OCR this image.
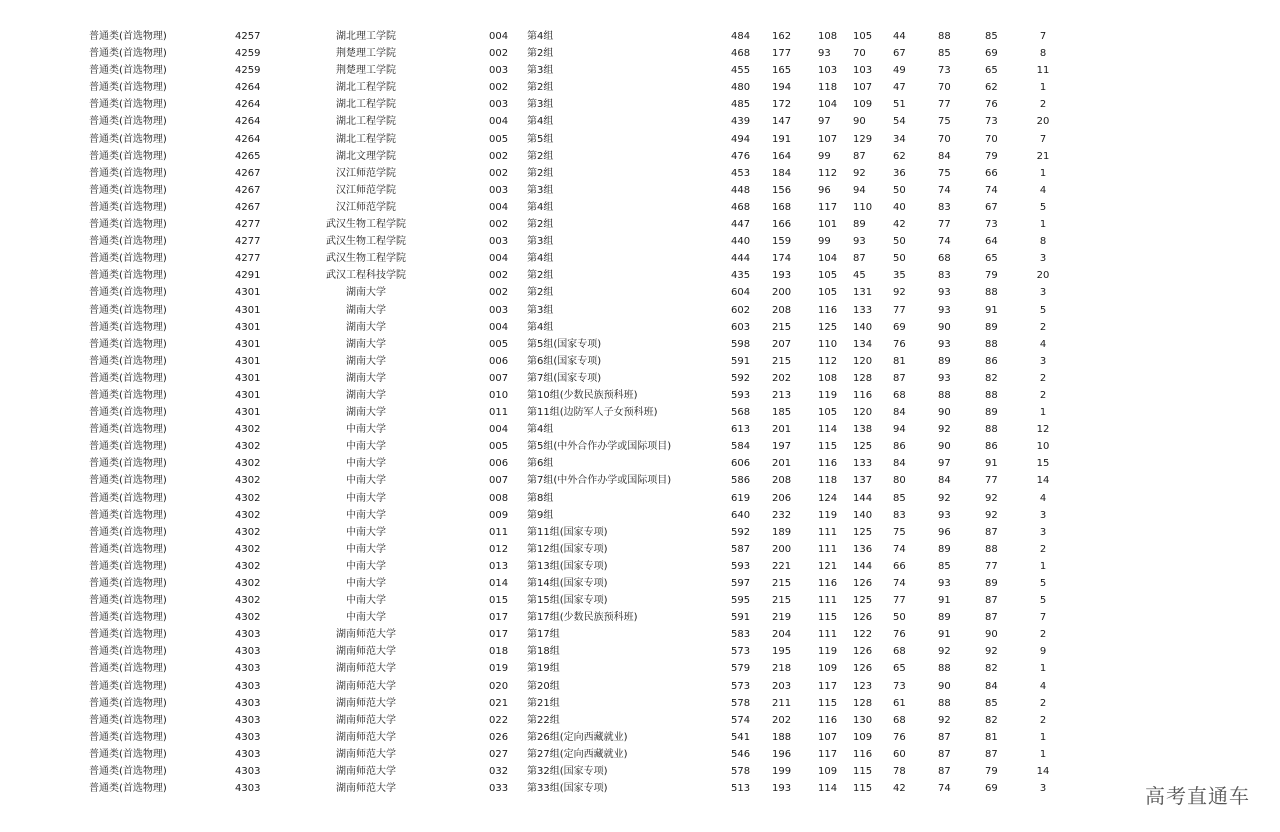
普通类(首选物理)	4257	湖北理工学院	004 第4组	484 162	108 105 44	88	85	7
普通类(首选物理)	4259	荆楚理工学院	002 第2组	468 177	93 70	67	85	69	8
普通类(首选物理)	4259	荆楚理工学院	003 第3组	455 165	103 103 49	73	65	11
普通类(首选物理)	4264	湖北工程学院	002 第2组	480 194	118 107 47	70	62	1
普通类(首选物理)	4264	湖北工程学院	003 第3组	485 172	104 109 51	77	76	2
普通类(首选物理)	4264	湖北工程学院	004 第4组	439 147	97 90	54	75	73	20
普通类(首选物理)	4264	湖北工程学院	005 第5组	494 191	107 129 34	70	70	7
普通类(首选物理)	4265	湖北文理学院	002 第2组	476 164	99 87	62	84	79	21
普通类(首选物理)	4267	汉江师范学院	002 第2组	453 184	112 92	36	75	66	1
普通类(首选物理)	4267	汉江师范学院	003 第3组	448 156	96 94	50	74	74	4
普通类(首选物理)	4267	汉江师范学院	004 第4组	468 168	117 110 40	83	67	5
普通类(首选物理)	4277	武汉生物工程学院	002 第2组	447 166	101 89	42	77	73	1
普通类(首选物理)	4277	武汉生物工程学院	003 第3组	440 159	99 93	50	74	64	8
普通类(首选物理)	4277	武汉生物工程学院	004 第4组	444 174	104 87	50	68	65	3
普通类(首选物理)	4291	武汉工程科技学院	002 第2组	435 193	105 45	35	83	79	20
普通类(首选物理)	4301	湖南大学	002 第2组	604 200	105 131 92	93	88	3
普通类(首选物理)	4301	湖南大学	003 第3组	602 208	116 133 77	93	91	5
普通类(首选物理)	4301	湖南大学	004 第4组	603 215	125 140 69	90	89	2
普通类(首选物理)	4301	湖南大学	005 第5组(国家专项)	598 207	110 134 76	93	88	4
普通类(首选物理)	4301	湖南大学	006 第6组(国家专项)	591 215	112 120 81	89	86	3
普通类(首选物理)	4301	湖南大学	007 第7组(国家专项)	592 202	108 128 87	93	82	2
普通类(首选物理)	4301	湖南大学	010 第10组(少数民族预科班)	593 213	119 116 68	88	88	2
普通类(首选物理)	4301	湖南大学	011 第11组(边防军人子女预科班)	568 185	105 120 84	90	89	1
普通类(首选物理)	4302	中南大学	004 第4组	613 201	114 138 94	92	88	12
普通类(首选物理)	4302	中南大学	005 第5组(中外合作办学或国际项目)	584 197	115 125 86	90	86	10
普通类(首选物理)	4302	中南大学	006 第6组	606 201	116 133 84	97	91	15
普通类(首选物理)	4302	中南大学	007 第7组(中外合作办学或国际项目)	586 208	118 137 80	84	77	14
普通类(首选物理)	4302	中南大学	008 第8组	619 206	124 144 85	92	92	4
普通类(首选物理)	4302	中南大学	009 第9组	640 232	119 140 83	93	92	3
普通类(首选物理)	4302	中南大学	011 第11组(国家专项)	592 189	111 125 75	96	87	3
普通类(首选物理)	4302	中南大学	012 第12组(国家专项)	587 200	111 136 74	89	88	2
普通类(首选物理)	4302	中南大学	013 第13组(国家专项)	593 221	121 144 66	85	77	1
普通类(首选物理)	4302	中南大学	014 第14组(国家专项)	597 215	116 126 74	93	89	5
普通类(首选物理)	4302	中南大学	015 第15组(国家专项)	595 215	111 125 77	91	87	5
普通类(首选物理)	4302	中南大学	017 第17组(少数民族预科班)	591 219	115 126 50	89	87	7
普通类(首选物理)	4303	湖南师范大学	017 第17组	583 204	111 122 76	91	90	2
普通类(首选物理)	4303	湖南师范大学	018 第18组	573 195	119 126 68	92	92	9
普通类(首选物理)	4303	湖南师范大学	019 第19组	579 218	109 126 65	88	82	1
普通类(首选物理)	4303	湖南师范大学	020 第20组	573 203	117 123 73	90	84	4
普通类(首选物理)	4303	湖南师范大学	021 第21组	578 211	115 128 61	88	85	2
普通类(首选物理)	4303	湖南师范大学	022 第22组	574 202	116 130 68	92	82	2
普通类(首选物理)	4303	湖南师范大学	026 第26组(定向西藏就业)	541 188	107 109 76	87	81	1
普通类(首选物理)	4303	湖南师范大学	027 第27组(定向西藏就业)	546 196	117 116 60	87	87	1
普通类(首选物理)	4303	湖南师范大学	032 第32组(国家专项)	578 199	109 115 78	87	79	14
普通类(首选物理)	4303	湖南师范大学	033 第33组(国家专项)	513 193	114 115 42	74	69	3	高考直通车
